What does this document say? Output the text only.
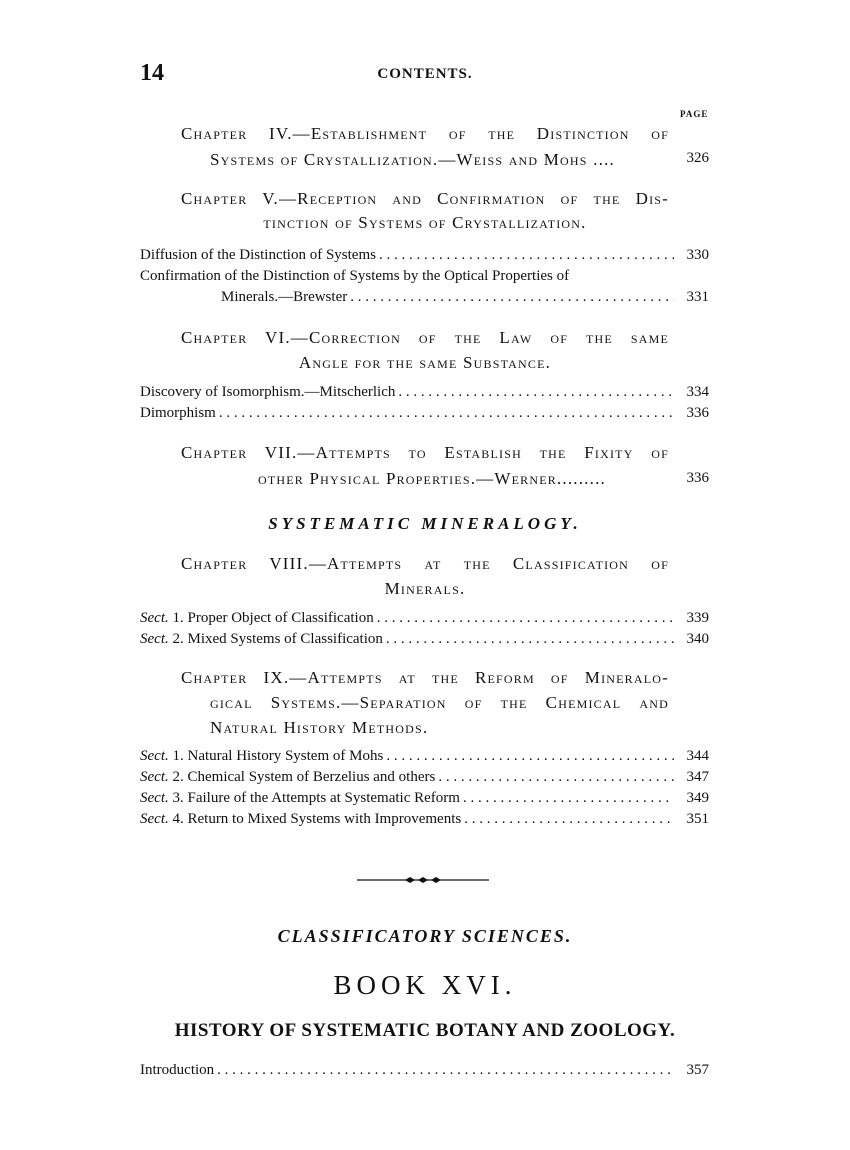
14	CONTENTS.
PAGE
Chapter IV.—Establishment of the Distinction of
Systems of Crystallization.—Weiss and Mohs ....	326
Chapter V.—Reception and Confirmation of the Dis-
tinction of Systems of Crystallization.
Diffusion of the Distinction of Systems . . .	330
Confirmation of the Distinction of Systems by the Optical Properties of
Minerals.—Brewster . . .	331
Chapter VI.—Correction of the Law of the same
Angle for the same Substance.
Discovery of Isomorphism.—Mitscherlich . . .	334
Dimorphism . . .	336
Chapter VII.—Attempts to Establish the Fixity of
other Physical Properties.—Werner.........	336
SYSTEMATIC MINERALOGY.
Chapter VIII.—Attempts at the Classification of
Minerals.
Sect. 1. Proper Object of Classification . . .	339
Sect. 2. Mixed Systems of Classification . . .	340
Chapter IX.—Attempts at the Reform of Mineralo-
gical Systems.—Separation of the Chemical and
Natural History Methods.
Sect. 1. Natural History System of Mohs . . .	344
Sect. 2. Chemical System of Berzelius and others . . .	347
Sect. 3. Failure of the Attempts at Systematic Reform . . .	349
Sect. 4. Return to Mixed Systems with Improvements . . .	351
CLASSIFICATORY SCIENCES.
BOOK XVI.
HISTORY OF SYSTEMATIC BOTANY AND ZOOLOGY.
Introduction . . .	357
